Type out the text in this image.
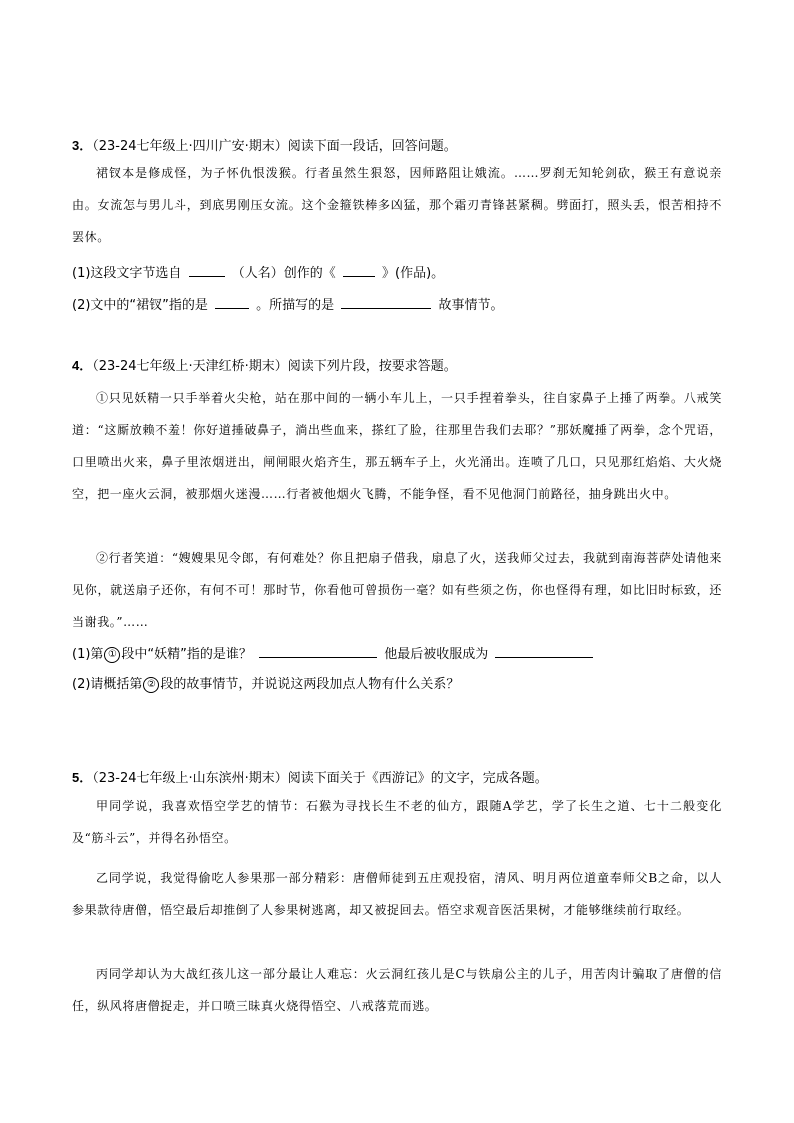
3．（23-24七年级上·四川广安·期末）阅读下面一段话，回答问题。
裙钗本是修成怪，为子怀仇恨泼猴。行者虽然生狠怒，因师路阻让娥流。……罗刹无知轮剑砍，猴王有意说亲由。女流怎与男儿斗，到底男刚压女流。这个金箍铁棒多凶猛，那个霜刃青锋甚紧稠。劈面打，照头丢，恨苦相持不罢休。
(1)这段文字节选自	（人名）创作的《	》(作品)。
(2)文中的“裙钗”指的是	。所描写的是	故事情节。
4．（23-24七年级上·天津红桥·期末）阅读下列片段，按要求答题。
①只见妖精一只手举着火尖枪，站在那中间的一辆小车儿上，一只手捏着拳头，往自家鼻子上捶了两拳。八戒笑道：“这厮放赖不羞！你好道捶破鼻子，淌出些血来，搽红了脸，往那里告我们去耶？”那妖魔捶了两拳，念个咒语，口里喷出火来，鼻子里浓烟迸出，闸闸眼火焰齐生，那五辆车子上，火光涌出。连喷了几口，只见那红焰焰、大火烧空，把一座火云洞，被那烟火迷漫……行者被他烟火飞腾，不能争怪，看不见他洞门前路径，抽身跳出火中。
②行者笑道：“嫂嫂果见令郎，有何难处？你且把扇子借我，扇息了火，送我师父过去，我就到南海菩萨处请他来见你，就送扇子还你，有何不可！那时节，你看他可曾损伤一毫？如有些须之伤，你也怪得有理，如比旧时标致，还当谢我。”……
(1)第 ① 段中“妖精”指的是谁？	他最后被收服成为
(2)请概括第 ② 段的故事情节，并说说这两段加点人物有什么关系？
5．（23-24七年级上·山东滨州·期末）阅读下面关于《西游记》的文字，完成各题。
甲同学说，我喜欢悟空学艺的情节：石猴为寻找长生不老的仙方，跟随A学艺，学了长生之道、七十二般变化及“筋斗云”，并得名孙悟空。
乙同学说，我觉得偷吃人参果那一部分精彩：唐僧师徒到五庄观投宿，清风、明月两位道童奉师父B之命，以人参果款待唐僧，悟空最后却推倒了人参果树逃离，却又被捉回去。悟空求观音医活果树，才能够继续前行取经。
丙同学却认为大战红孩儿这一部分最让人难忘：火云洞红孩儿是C与铁扇公主的儿子，用苦肉计骗取了唐僧的信任，纵风将唐僧捉走，并口喷三昧真火烧得悟空、八戒落荒而逃。
